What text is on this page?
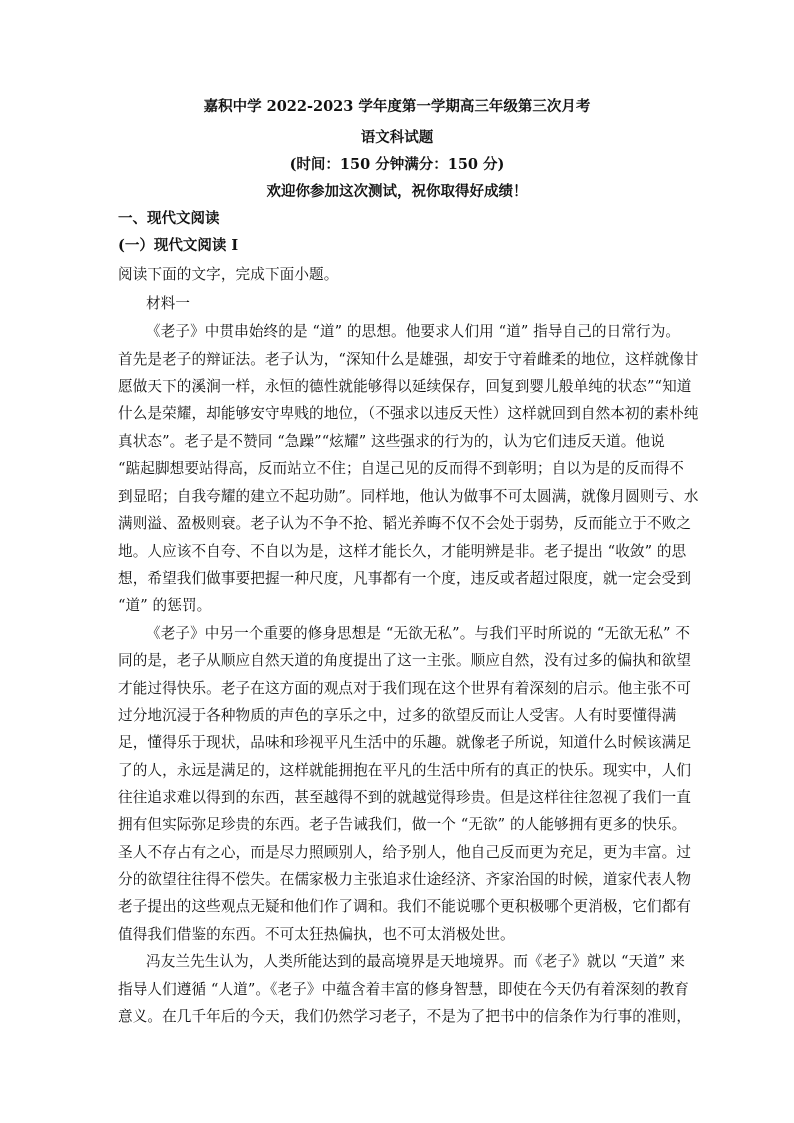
嘉积中学 2022-2023 学年度第一学期高三年级第三次月考
语文科试题
(时间：150 分钟满分：150 分)
欢迎你参加这次测试，祝你取得好成绩！
一、现代文阅读
(一）现代文阅读 I
阅读下面的文字，完成下面小题。
材料一
《老子》中贯串始终的是 “道” 的思想。他要求人们用 “道” 指导自己的日常行为。
首先是老子的辩证法。老子认为，“深知什么是雄强，却安于守着雌柔的地位，这样就像甘
愿做天下的溪涧一样，永恒的德性就能够得以延续保存，回复到婴儿般单纯的状态”“知道
什么是荣耀，却能够安守卑贱的地位，（不强求以违反天性）这样就回到自然本初的素朴纯
真状态”。老子是不赞同 “急躁”“炫耀” 这些强求的行为的，认为它们违反天道。他说
“踮起脚想要站得高，反而站立不住；自逞己见的反而得不到彰明；自以为是的反而得不
到显昭；自我夸耀的建立不起功勋”。同样地，他认为做事不可太圆满，就像月圆则亏、水
满则溢、盈极则衰。老子认为不争不抢、韬光养晦不仅不会处于弱势，反而能立于不败之
地。人应该不自夸、不自以为是，这样才能长久，才能明辨是非。老子提出 “收敛” 的思
想，希望我们做事要把握一种尺度，凡事都有一个度，违反或者超过限度，就一定会受到
“道” 的惩罚。
《老子》中另一个重要的修身思想是 “无欲无私”。与我们平时所说的 “无欲无私” 不
同的是，老子从顺应自然天道的角度提出了这一主张。顺应自然，没有过多的偏执和欲望
才能过得快乐。老子在这方面的观点对于我们现在这个世界有着深刻的启示。他主张不可
过分地沉浸于各种物质的声色的享乐之中，过多的欲望反而让人受害。人有时要懂得满
足，懂得乐于现状，品味和珍视平凡生活中的乐趣。就像老子所说，知道什么时候该满足
了的人，永远是满足的，这样就能拥抱在平凡的生活中所有的真正的快乐。现实中，人们
往往追求难以得到的东西，甚至越得不到的就越觉得珍贵。但是这样往往忽视了我们一直
拥有但实际弥足珍贵的东西。老子告诫我们，做一个 “无欲” 的人能够拥有更多的快乐。
圣人不存占有之心，而是尽力照顾别人，给予别人，他自己反而更为充足，更为丰富。过
分的欲望往往得不偿失。在儒家极力主张追求仕途经济、齐家治国的时候，道家代表人物
老子提出的这些观点无疑和他们作了调和。我们不能说哪个更积极哪个更消极，它们都有
值得我们借鉴的东西。不可太狂热偏执，也不可太消极处世。
冯友兰先生认为，人类所能达到的最高境界是天地境界。而《老子》就以 “天道” 来
指导人们遵循 “人道”。《老子》中蕴含着丰富的修身智慧，即使在今天仍有着深刻的教育
意义。在几千年后的今天，我们仍然学习老子，不是为了把书中的信条作为行事的准则，
